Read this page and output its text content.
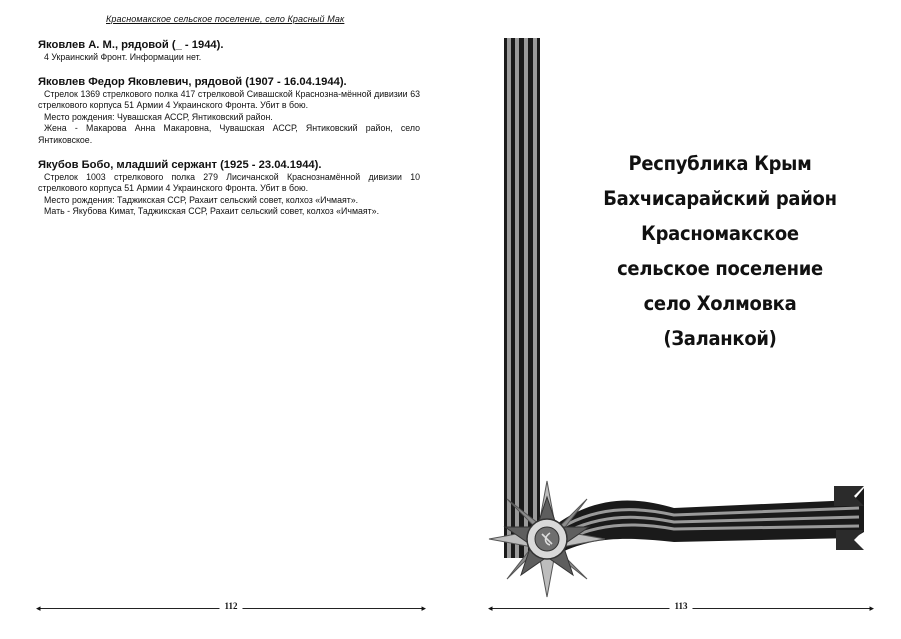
Красномакское сельское поселение, село Красный Мак
Яковлев А. М., рядовой (_ - 1944).
4 Украинский Фронт. Информации нет.
Яковлев Федор Яковлевич, рядовой (1907 - 16.04.1944).
Стрелок 1369 стрелкового полка 417 стрелковой Сивашской Краснозна-мённой дивизии 63 стрелкового корпуса 51 Армии 4 Украинского Фронта. Убит в бою.
Место рождения: Чувашская АССР, Янтиковский район.
Жена - Макарова Анна Макаровна, Чувашская АССР, Янтиковский район, село Янтиковское.
Якубов Бобо, младший сержант (1925 - 23.04.1944).
Стрелок 1003 стрелкового полка 279 Лисичанской Краснознамённой дивизии 10 стрелкового корпуса 51 Армии 4 Украинского Фронта. Убит в бою.
Место рождения: Таджикская ССР, Рахаит сельский совет, колхоз «Ичмаят».
Мать - Якубова Кимат, Таджикская ССР, Рахаит сельский совет, колхоз «Ичмаят».
◂	▸
112
Республика Крым
Бахчисарайский район
Красномакское
сельское поселение
село Холмовка
(Заланкой)
◂	▸
113
